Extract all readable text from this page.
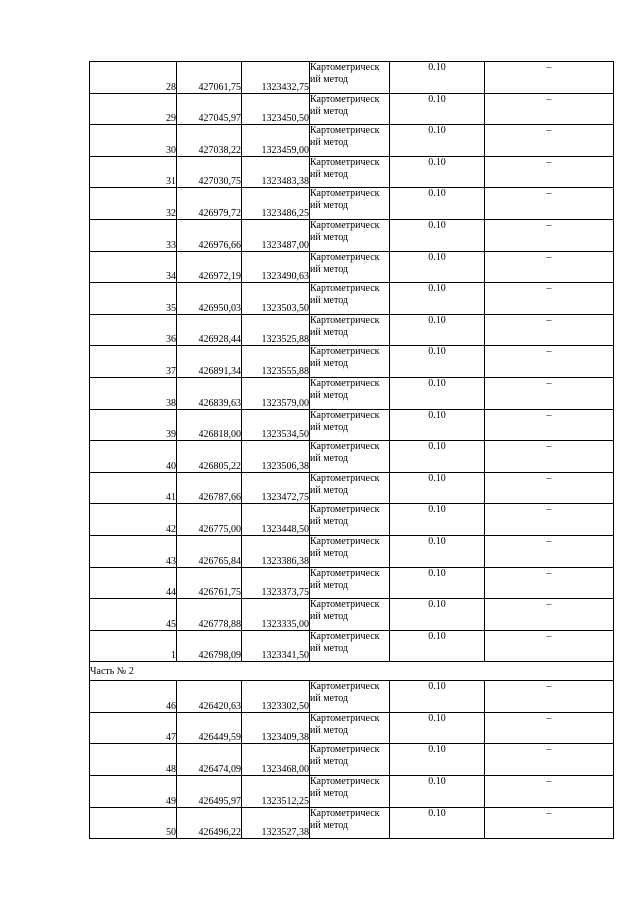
28	427061,75	1323432,75	Картометрическ
ий метод	0.10	–
29	427045,97	1323450,50	Картометрическ
ий метод	0.10	–
30	427038,22	1323459,00	Картометрическ
ий метод	0.10	–
31	427030,75	1323483,38	Картометрическ
ий метод	0.10	–
32	426979,72	1323486,25	Картометрическ
ий метод	0.10	–
33	426976,66	1323487,00	Картометрическ
ий метод	0.10	–
34	426972,19	1323490,63	Картометрическ
ий метод	0.10	–
35	426950,03	1323503,50	Картометрическ
ий метод	0.10	–
36	426928,44	1323525,88	Картометрическ
ий метод	0.10	–
37	426891,34	1323555,88	Картометрическ
ий метод	0.10	–
38	426839,63	1323579,00	Картометрическ
ий метод	0.10	–
39	426818,00	1323534,50	Картометрическ
ий метод	0.10	–
40	426805,22	1323506,38	Картометрическ
ий метод	0.10	–
41	426787,66	1323472,75	Картометрическ
ий метод	0.10	–
42	426775,00	1323448,50	Картометрическ
ий метод	0.10	–
43	426765,84	1323386,38	Картометрическ
ий метод	0.10	–
44	426761,75	1323373,75	Картометрическ
ий метод	0.10	–
45	426778,88	1323335,00	Картометрическ
ий метод	0.10	–
1	426798,09	1323341,50	Картометрическ
ий метод	0.10	–
Часть № 2					
46	426420,63	1323302,50	Картометрическ
ий метод	0.10	–
47	426449,59	1323409,38	Картометрическ
ий метод	0.10	–
48	426474,09	1323468,00	Картометрическ
ий метод	0.10	–
49	426495,97	1323512,25	Картометрическ
ий метод	0.10	–
50	426496,22	1323527,38	Картометрическ
ий метод	0.10	–
